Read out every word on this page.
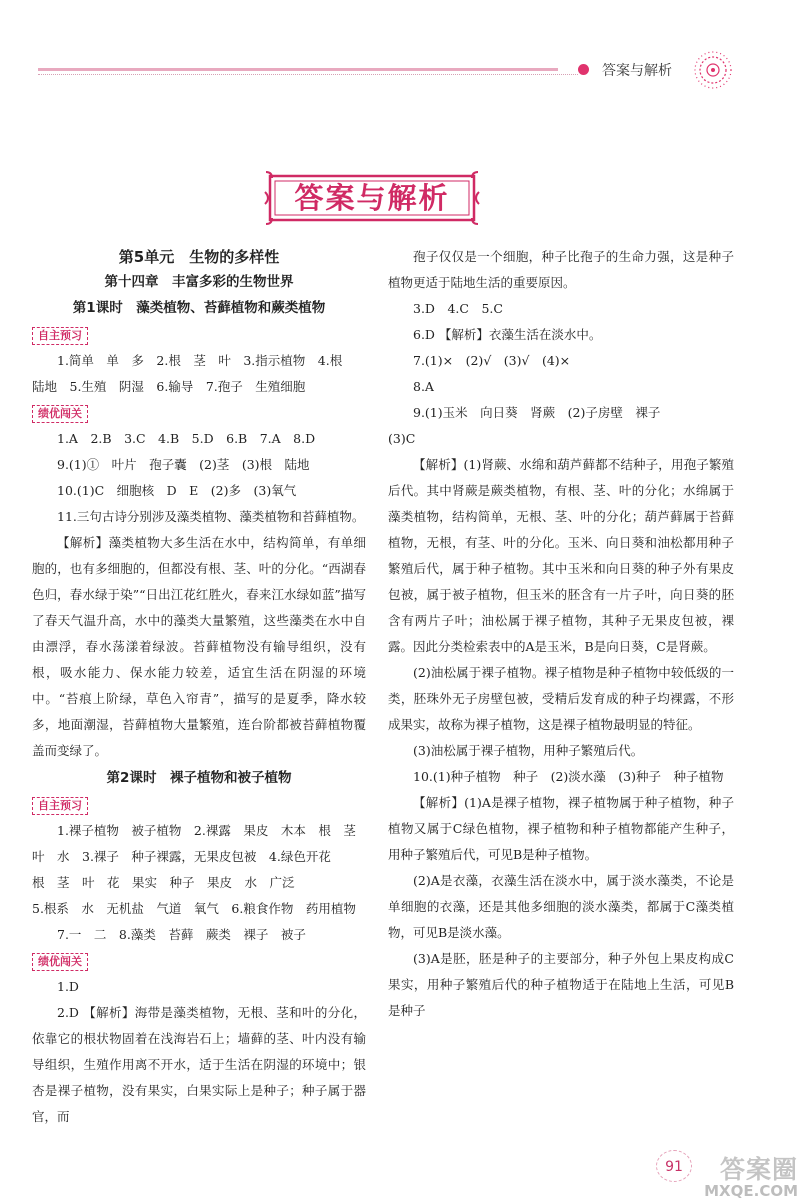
答案与解析
答案与解析
第5单元　生物的多样性
第十四章　丰富多彩的生物世界
第1课时　藻类植物、苔藓植物和蕨类植物
自主预习

1.简单　单　多　2.根　茎　叶　3.指示植物　4.根

陆地　5.生殖　阴湿　6.输导　7.孢子　生殖细胞

绩优闯关

1.A　2.B　3.C　4.B　5.D　6.B　7.A　8.D

9.(1)①　叶片　孢子囊　(2)茎　(3)根　陆地

10.(1)C　细胞核　D　E　(2)多　(3)氧气

11.三句古诗分别涉及藻类植物、藻类植物和苔藓植物。

【解析】藻类植物大多生活在水中，结构简单，有单细胞的，也有多细胞的，但都没有根、茎、叶的分化。“西湖春色归，春水绿于染”“日出江花红胜火，春来江水绿如蓝”描写了春天气温升高，水中的藻类大量繁殖，这些藻类在水中自由漂浮，春水荡漾着绿波。苔藓植物没有输导组织，没有根，吸水能力、保水能力较差，适宜生活在阴湿的环境中。“苔痕上阶绿，草色入帘青”，描写的是夏季，降水较多，地面潮湿，苔藓植物大量繁殖，连台阶都被苔藓植物覆盖而变绿了。

第2课时　裸子植物和被子植物
自主预习

1.裸子植物　被子植物　2.裸露　果皮　木本　根　茎

叶　水　3.裸子　种子裸露，无果皮包被　4.绿色开花

根　茎　叶　花　果实　种子　果皮　水　广泛

5.根系　水　无机盐　气道　氧气　6.粮食作物　药用植物

7.一　二　8.藻类　苔藓　蕨类　裸子　被子

绩优闯关

1.D

2.D 【解析】海带是藻类植物，无根、茎和叶的分化，依靠它的根状物固着在浅海岩石上；墙藓的茎、叶内没有输导组织，生殖作用离不开水，适于生活在阴湿的环境中；银杏是裸子植物，没有果实，白果实际上是种子；种子属于器官，而

孢子仅仅是一个细胞，种子比孢子的生命力强，这是种子植物更适于陆地生活的重要原因。

3.D　4.C　5.C

6.D 【解析】衣藻生活在淡水中。

7.(1)×　(2)√　(3)√　(4)×

8.A

9.(1)玉米　向日葵　肾蕨　(2)子房壁　裸子

(3)C

【解析】(1)肾蕨、水绵和葫芦藓都不结种子，用孢子繁殖后代。其中肾蕨是蕨类植物，有根、茎、叶的分化；水绵属于藻类植物，结构简单，无根、茎、叶的分化；葫芦藓属于苔藓植物，无根，有茎、叶的分化。玉米、向日葵和油松都用种子繁殖后代，属于种子植物。其中玉米和向日葵的种子外有果皮包被，属于被子植物，但玉米的胚含有一片子叶，向日葵的胚含有两片子叶；油松属于裸子植物，其种子无果皮包被，裸露。因此分类检索表中的A是玉米，B是向日葵，C是肾蕨。

(2)油松属于裸子植物。裸子植物是种子植物中较低级的一类，胚珠外无子房壁包被，受精后发育成的种子均裸露，不形成果实，故称为裸子植物，这是裸子植物最明显的特征。

(3)油松属于裸子植物，用种子繁殖后代。

10.(1)种子植物　种子　(2)淡水藻　(3)种子　种子植物

【解析】(1)A是裸子植物，裸子植物属于种子植物，种子植物又属于C绿色植物，裸子植物和种子植物都能产生种子，用种子繁殖后代，可见B是种子植物。

(2)A是衣藻，衣藻生活在淡水中，属于淡水藻类，不论是单细胞的衣藻，还是其他多细胞的淡水藻类，都属于C藻类植物，可见B是淡水藻。

(3)A是胚，胚是种子的主要部分，种子外包上果皮构成C果实，用种子繁殖后代的种子植物适于在陆地上生活，可见B是种子

91	答案圈
MXQE.COM
